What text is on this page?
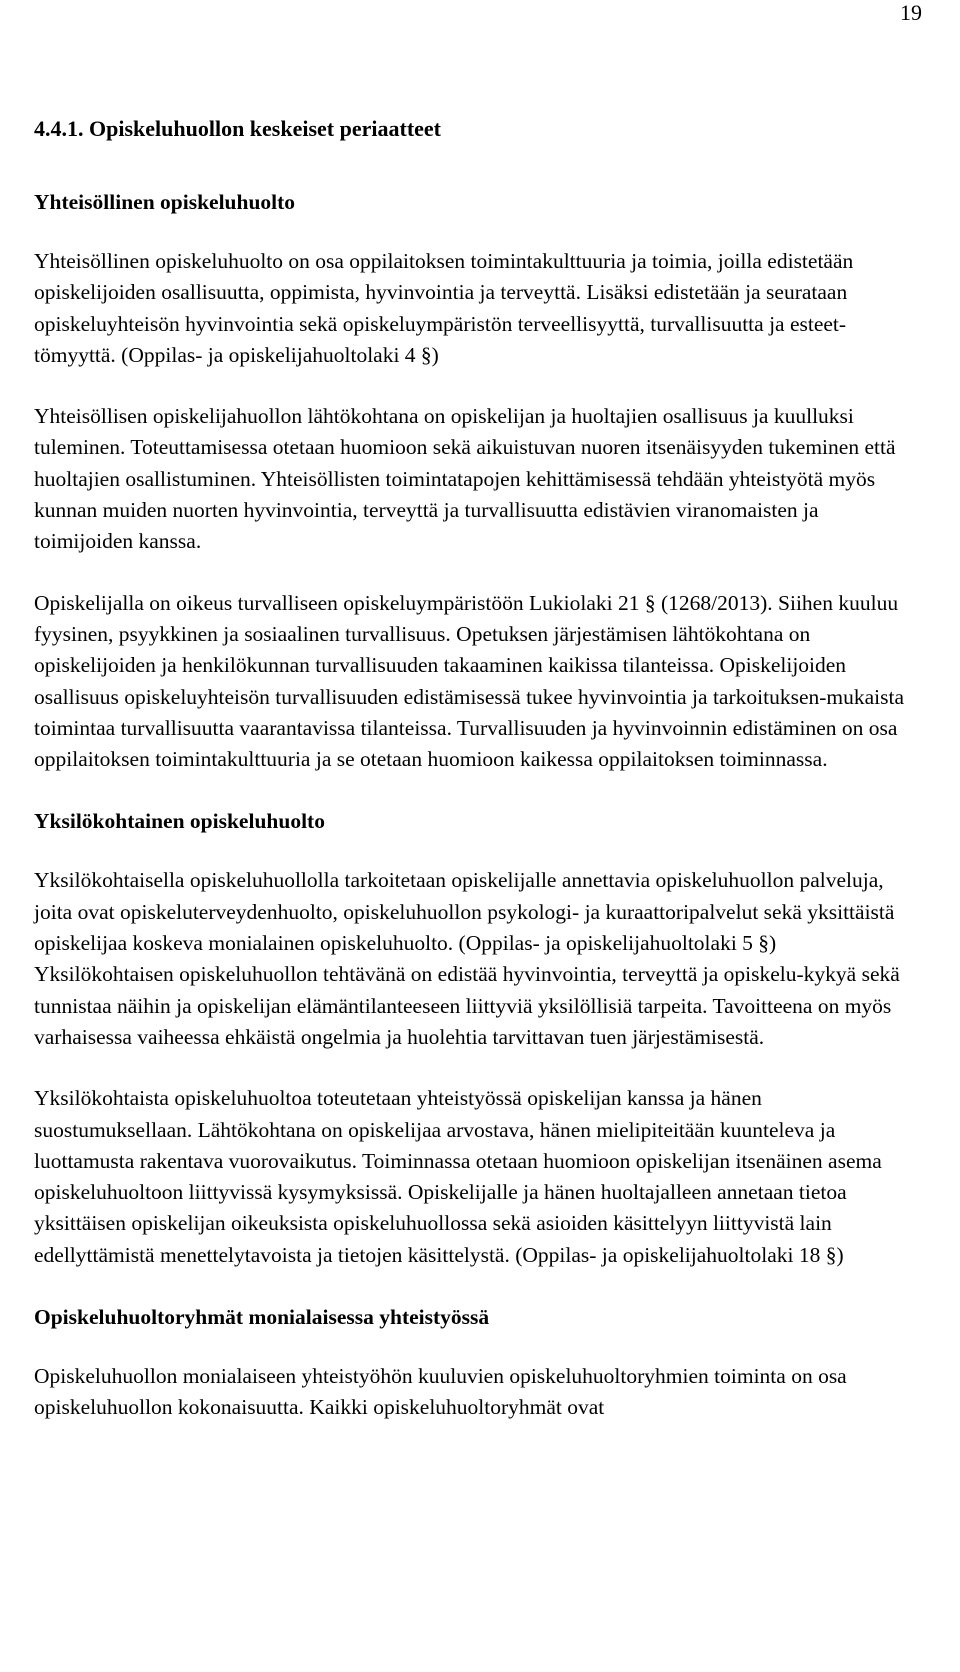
19
4.4.1. Opiskeluhuollon keskeiset periaatteet
Yhteisöllinen opiskeluhuolto

Yhteisöllinen opiskeluhuolto on osa oppilaitoksen toimintakulttuuria ja toimia, joilla edistetään opiskelijoiden osallisuutta, oppimista, hyvinvointia ja terveyttä. Lisäksi edistetään ja seurataan opiskeluyhteisön hyvinvointia sekä opiskeluympäristön terveellisyyttä, turvallisuutta ja esteet-tömyyttä. (Oppilas- ja opiskelijahuoltolaki 4 §)

Yhteisöllisen opiskelijahuollon lähtökohtana on opiskelijan ja huoltajien osallisuus ja kuulluksi tuleminen. Toteuttamisessa otetaan huomioon sekä aikuistuvan nuoren itsenäisyyden tukeminen että huoltajien osallistuminen. Yhteisöllisten toimintatapojen kehittämisessä tehdään yhteistyötä myös kunnan muiden nuorten hyvinvointia, terveyttä ja turvallisuutta edistävien viranomaisten ja toimijoiden kanssa.

Opiskelijalla on oikeus turvalliseen opiskeluympäristöön Lukiolaki 21 § (1268/2013). Siihen kuuluu fyysinen, psyykkinen ja sosiaalinen turvallisuus. Opetuksen järjestämisen lähtökohtana on opiskelijoiden ja henkilökunnan turvallisuuden takaaminen kaikissa tilanteissa. Opiskelijoiden osallisuus opiskeluyhteisön turvallisuuden edistämisessä tukee hyvinvointia ja tarkoituksen-mukaista toimintaa turvallisuutta vaarantavissa tilanteissa. Turvallisuuden ja hyvinvoinnin edistäminen on osa oppilaitoksen toimintakulttuuria ja se otetaan huomioon kaikessa oppilaitoksen toiminnassa.

Yksilökohtainen opiskeluhuolto

Yksilökohtaisella opiskeluhuollolla tarkoitetaan opiskelijalle annettavia opiskeluhuollon palveluja, joita ovat opiskeluterveydenhuolto, opiskeluhuollon psykologi- ja kuraattoripalvelut sekä yksittäistä opiskelijaa koskeva monialainen opiskeluhuolto. (Oppilas- ja opiskelijahuoltolaki 5 §) Yksilökohtaisen opiskeluhuollon tehtävänä on edistää hyvinvointia, terveyttä ja opiskelu-kykyä sekä tunnistaa näihin ja opiskelijan elämäntilanteeseen liittyviä yksilöllisiä tarpeita. Tavoitteena on myös varhaisessa vaiheessa ehkäistä ongelmia ja huolehtia tarvittavan tuen järjestämisestä.

Yksilökohtaista opiskeluhuoltoa toteutetaan yhteistyössä opiskelijan kanssa ja hänen suostumuksellaan. Lähtökohtana on opiskelijaa arvostava, hänen mielipiteitään kuunteleva ja luottamusta rakentava vuorovaikutus. Toiminnassa otetaan huomioon opiskelijan itsenäinen asema opiskeluhuoltoon liittyvissä kysymyksissä. Opiskelijalle ja hänen huoltajalleen annetaan tietoa yksittäisen opiskelijan oikeuksista opiskeluhuollossa sekä asioiden käsittelyyn liittyvistä lain edellyttämistä menettelytavoista ja tietojen käsittelystä. (Oppilas- ja opiskelijahuoltolaki 18 §)

Opiskeluhuoltoryhmät monialaisessa yhteistyössä

Opiskeluhuollon monialaiseen yhteistyöhön kuuluvien opiskeluhuoltoryhmien toiminta on osa opiskeluhuollon kokonaisuutta. Kaikki opiskeluhuoltoryhmät ovat
